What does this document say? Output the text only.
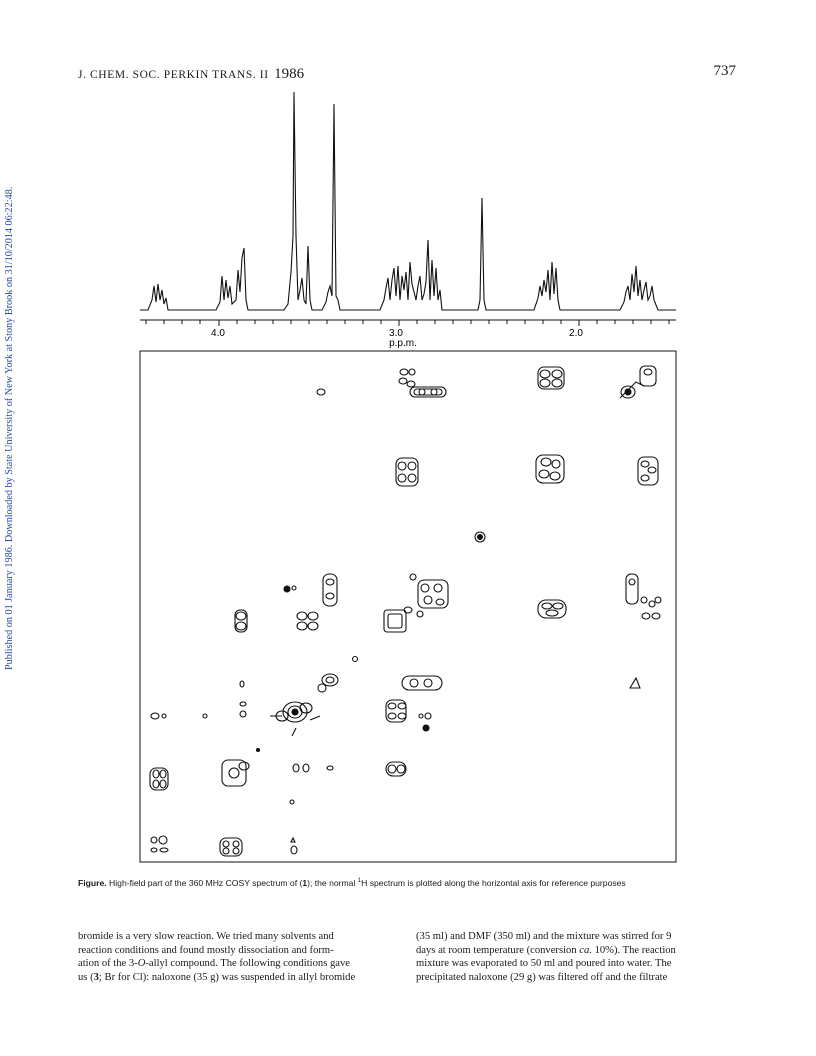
J. CHEM. SOC. PERKIN TRANS. II 1986	737
Published on 01 January 1986. Downloaded by State University of New York at Stony Brook on 31/10/2014 06:22:48.	4.0	3.0	2.0
p.p.m.
Figure. High-field part of the 360 MHz COSY spectrum of (1); the normal $^1$H spectrum is plotted along the horizontal axis for reference purposes

bromide is a very slow reaction. We tried many solvents and

reaction conditions and found mostly dissociation and form-

ation of the 3-O-allyl compound. The following conditions gave

us (3; Br for Cl): naloxone (35 g) was suspended in allyl bromide

(35 ml) and DMF (350 ml) and the mixture was stirred for 9

days at room temperature (conversion ca. 10%). The reaction

mixture was evaporated to 50 ml and poured into water. The

precipitated naloxone (29 g) was filtered off and the filtrate
